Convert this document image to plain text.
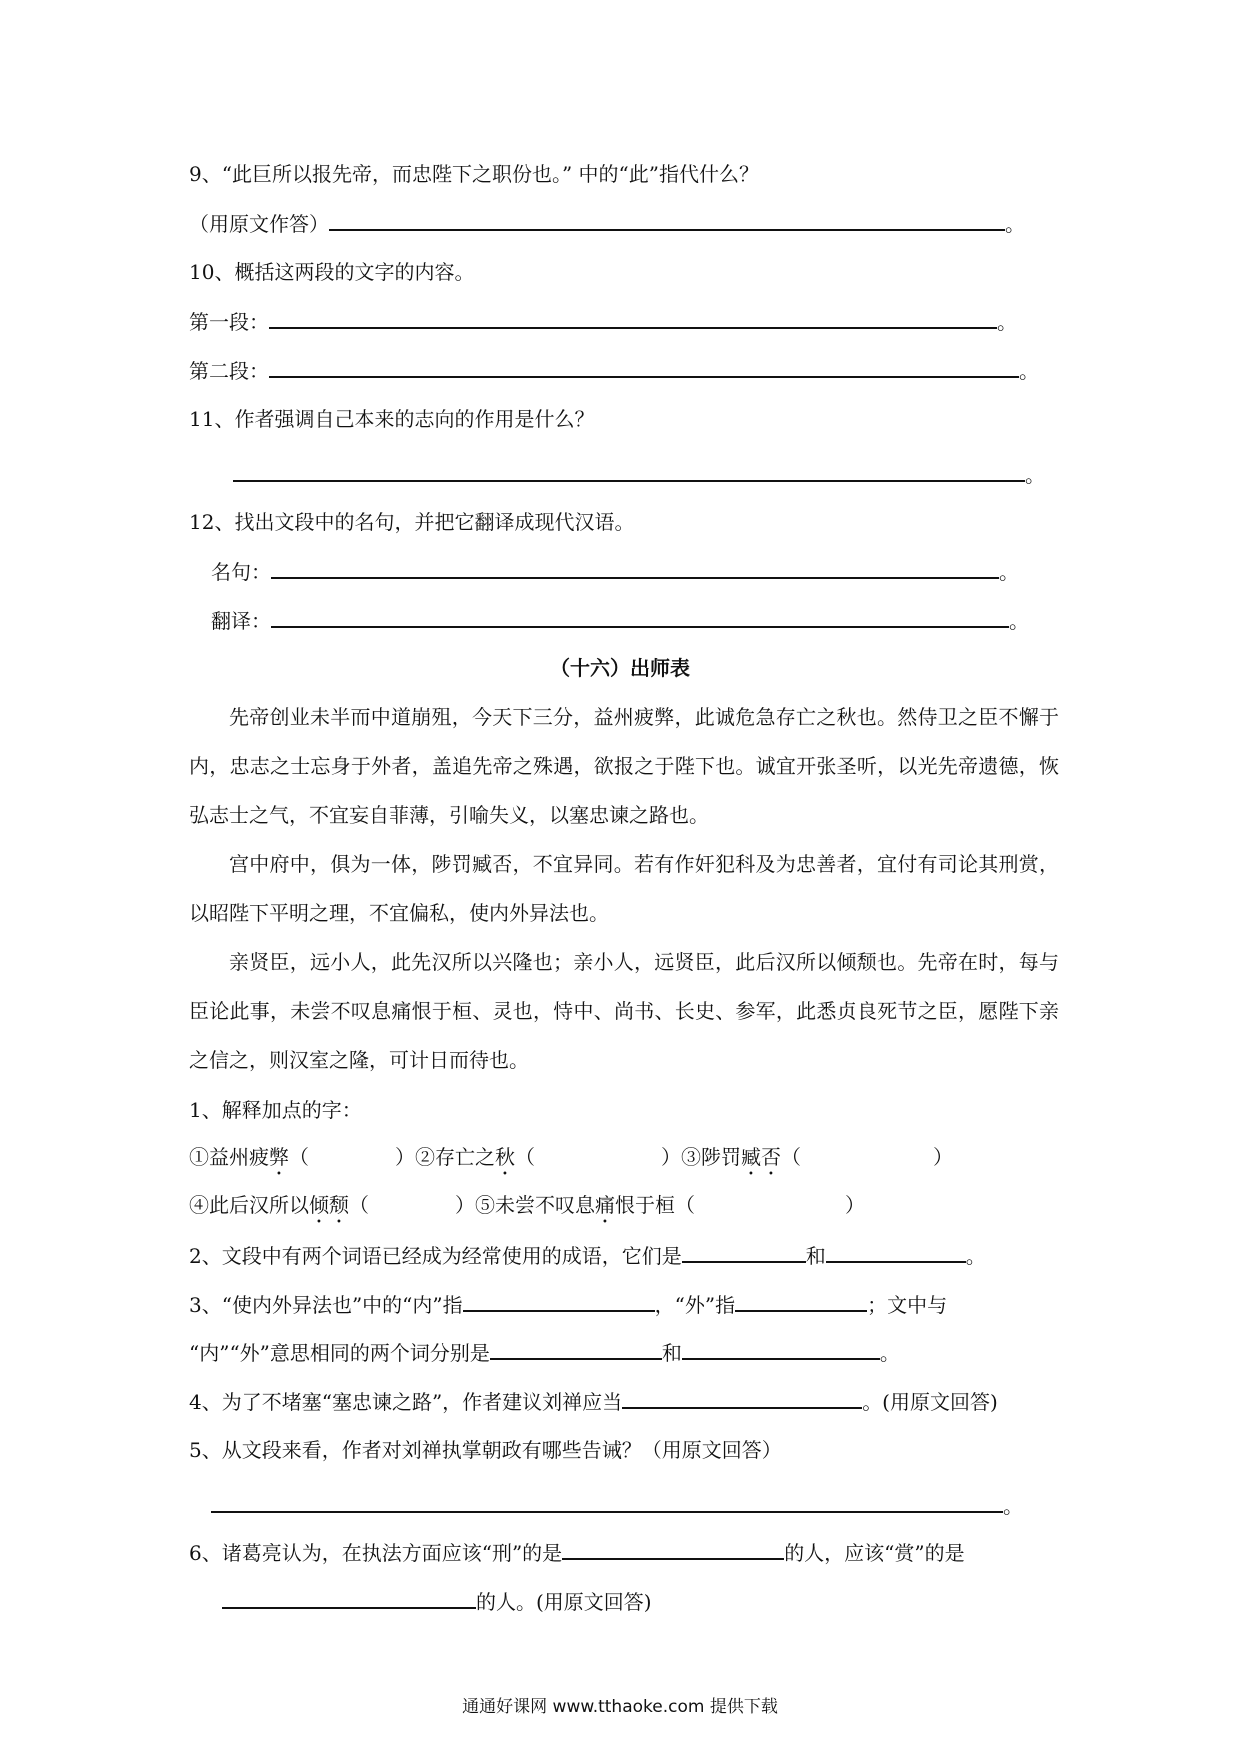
9、“此巨所以报先帝，而忠陛下之职份也。” 中的“此”指代什么？
（用原文作答）	。
10、概括这两段的文字的内容。
第一段：	。
第二段：	。
11、作者强调自己本来的志向的作用是什么？
。
12、找出文段中的名句，并把它翻译成现代汉语。
名句：	。
翻译：	。
（十六）出师表
先帝创业未半而中道崩殂，今天下三分，益州疲弊，此诚危急存亡之秋也。然侍卫之臣不懈于内，忠志之士忘身于外者，盖追先帝之殊遇，欲报之于陛下也。诚宜开张圣听，以光先帝遗德，恢弘志士之气，不宜妄自菲薄，引喻失义，以塞忠谏之路也。
宫中府中，俱为一体，陟罚臧否，不宜异同。若有作奸犯科及为忠善者，宜付有司论其刑赏，以昭陛下平明之理，不宜偏私，使内外异法也。
亲贤臣，远小人，此先汉所以兴隆也；亲小人，远贤臣，此后汉所以倾颓也。先帝在时，每与臣论此事，未尝不叹息痛恨于桓、灵也，恃中、尚书、长史、参军，此悉贞良死节之臣，愿陛下亲之信之，则汉室之隆，可计日而待也。
1、解释加点的字：
①益州疲弊（	）②存亡之秋（	）③陟罚臧否（	）
④此后汉所以倾颓（	）⑤未尝不叹息痛恨于桓（	）
2、文段中有两个词语已经成为经常使用的成语，它们是	和	。
3、“使内外异法也”中的“内”指	，“外”指	；文中与
“内”“外”意思相同的两个词分别是	和	。
4、为了不堵塞“塞忠谏之路”，作者建议刘禅应当	。(用原文回答)
5、从文段来看，作者对刘禅执掌朝政有哪些告诫？（用原文回答）
。
6、诸葛亮认为，在执法方面应该“刑”的是	的人，应该“赏”的是
的人。(用原文回答)
通通好课网 www.tthaoke.com 提供下载
